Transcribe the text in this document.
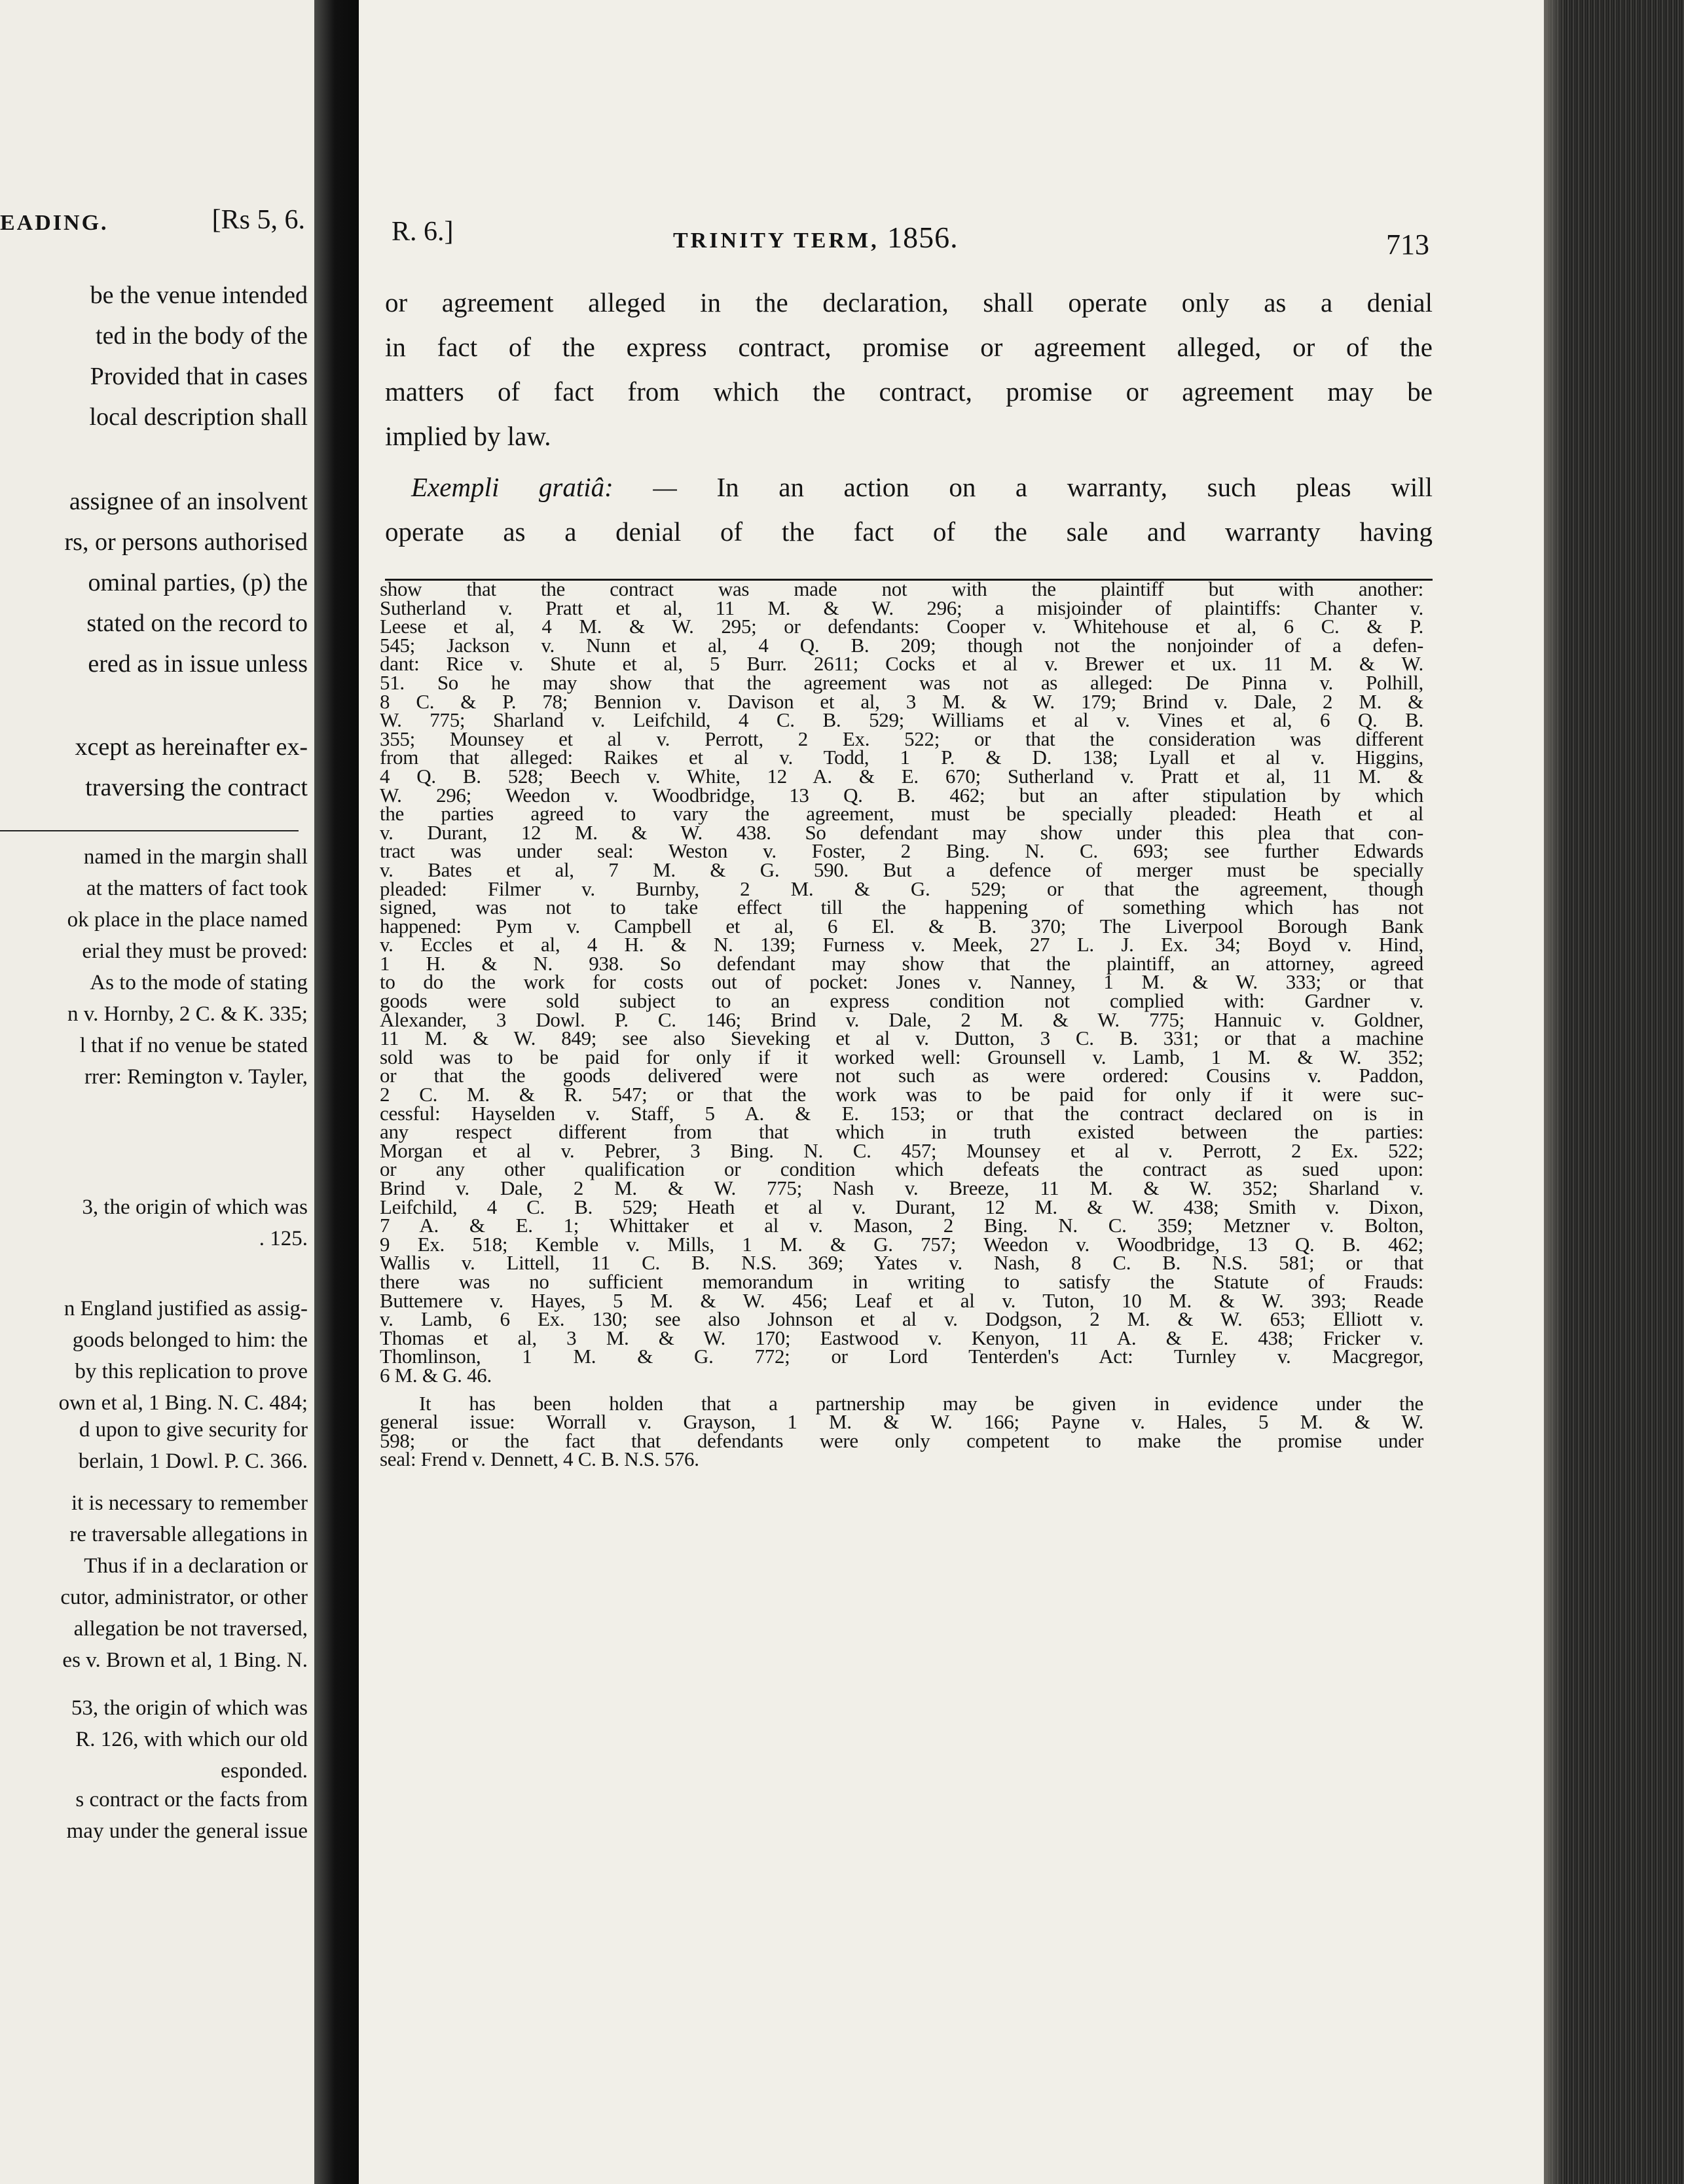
EADING.	[Rs 5, 6.
be the venue intended
ted in the body of the
Provided that in cases
local description shall
assignee of an insolvent
rs, or persons authorised
ominal parties, (p) the
stated on the record to
ered as in issue unless
xcept as hereinafter ex-
traversing the contract
named in the margin shall
at the matters of fact took
ok place in the place named
erial they must be proved:
As to the mode of stating
n v. Hornby, 2 C. & K. 335;
l that if no venue be stated
rrer: Remington v. Tayler,
3, the origin of which was
. 125.
n England justified as assig-
goods belonged to him: the
by this replication to prove
own et al, 1 Bing. N. C. 484;
d upon to give security for
berlain, 1 Dowl. P. C. 366.
it is necessary to remember
re traversable allegations in
Thus if in a declaration or
cutor, administrator, or other
allegation be not traversed,
es v. Brown et al, 1 Bing. N.
53, the origin of which was
R. 126, with which our old
esponded.
s contract or the facts from
may under the general issue
R. 6.]	TRINITY TERM, 1856.	713
or agreement alleged in the declaration, shall operate only as a denial
in fact of the express contract, promise or agreement alleged, or of the
matters of fact from which the contract, promise or agreement may be
implied by law.
Exempli gratiâ: — In an action on a warranty, such pleas will
operate as a denial of the fact of the sale and warranty having
show that the contract was made not with the plaintiff but with another:
Sutherland v. Pratt et al, 11 M. & W. 296; a misjoinder of plaintiffs: Chanter v.
Leese et al, 4 M. & W. 295; or defendants: Cooper v. Whitehouse et al, 6 C. & P.
545; Jackson v. Nunn et al, 4 Q. B. 209; though not the nonjoinder of a defen-
dant: Rice v. Shute et al, 5 Burr. 2611; Cocks et al v. Brewer et ux. 11 M. & W.
51. So he may show that the agreement was not as alleged: De Pinna v. Polhill,
8 C. & P. 78; Bennion v. Davison et al, 3 M. & W. 179; Brind v. Dale, 2 M. &
W. 775; Sharland v. Leifchild, 4 C. B. 529; Williams et al v. Vines et al, 6 Q. B.
355; Mounsey et al v. Perrott, 2 Ex. 522; or that the consideration was different
from that alleged: Raikes et al v. Todd, 1 P. & D. 138; Lyall et al v. Higgins,
4 Q. B. 528; Beech v. White, 12 A. & E. 670; Sutherland v. Pratt et al, 11 M. &
W. 296; Weedon v. Woodbridge, 13 Q. B. 462; but an after stipulation by which
the parties agreed to vary the agreement, must be specially pleaded: Heath et al
v. Durant, 12 M. & W. 438. So defendant may show under this plea that con-
tract was under seal: Weston v. Foster, 2 Bing. N. C. 693; see further Edwards
v. Bates et al, 7 M. & G. 590. But a defence of merger must be specially
pleaded: Filmer v. Burnby, 2 M. & G. 529; or that the agreement, though
signed, was not to take effect till the happening of something which has not
happened: Pym v. Campbell et al, 6 El. & B. 370; The Liverpool Borough Bank
v. Eccles et al, 4 H. & N. 139; Furness v. Meek, 27 L. J. Ex. 34; Boyd v. Hind,
1 H. & N. 938. So defendant may show that the plaintiff, an attorney, agreed
to do the work for costs out of pocket: Jones v. Nanney, 1 M. & W. 333; or that
goods were sold subject to an express condition not complied with: Gardner v.
Alexander, 3 Dowl. P. C. 146; Brind v. Dale, 2 M. & W. 775; Hannuic v. Goldner,
11 M. & W. 849; see also Sieveking et al v. Dutton, 3 C. B. 331; or that a machine
sold was to be paid for only if it worked well: Grounsell v. Lamb, 1 M. & W. 352;
or that the goods delivered were not such as were ordered: Cousins v. Paddon,
2 C. M. & R. 547; or that the work was to be paid for only if it were suc-
cessful: Hayselden v. Staff, 5 A. & E. 153; or that the contract declared on is in
any respect different from that which in truth existed between the parties:
Morgan et al v. Pebrer, 3 Bing. N. C. 457; Mounsey et al v. Perrott, 2 Ex. 522;
or any other qualification or condition which defeats the contract as sued upon:
Brind v. Dale, 2 M. & W. 775; Nash v. Breeze, 11 M. & W. 352; Sharland v.
Leifchild, 4 C. B. 529; Heath et al v. Durant, 12 M. & W. 438; Smith v. Dixon,
7 A. & E. 1; Whittaker et al v. Mason, 2 Bing. N. C. 359; Metzner v. Bolton,
9 Ex. 518; Kemble v. Mills, 1 M. & G. 757; Weedon v. Woodbridge, 13 Q. B. 462;
Wallis v. Littell, 11 C. B. N.S. 369; Yates v. Nash, 8 C. B. N.S. 581; or that
there was no sufficient memorandum in writing to satisfy the Statute of Frauds:
Buttemere v. Hayes, 5 M. & W. 456; Leaf et al v. Tuton, 10 M. & W. 393; Reade
v. Lamb, 6 Ex. 130; see also Johnson et al v. Dodgson, 2 M. & W. 653; Elliott v.
Thomas et al, 3 M. & W. 170; Eastwood v. Kenyon, 11 A. & E. 438; Fricker v.
Thomlinson, 1 M. & G. 772; or Lord Tenterden's Act: Turnley v. Macgregor,
6 M. & G. 46.
It has been holden that a partnership may be given in evidence under the
general issue: Worrall v. Grayson, 1 M. & W. 166; Payne v. Hales, 5 M. & W.
598; or the fact that defendants were only competent to make the promise under
seal: Frend v. Dennett, 4 C. B. N.S. 576.
